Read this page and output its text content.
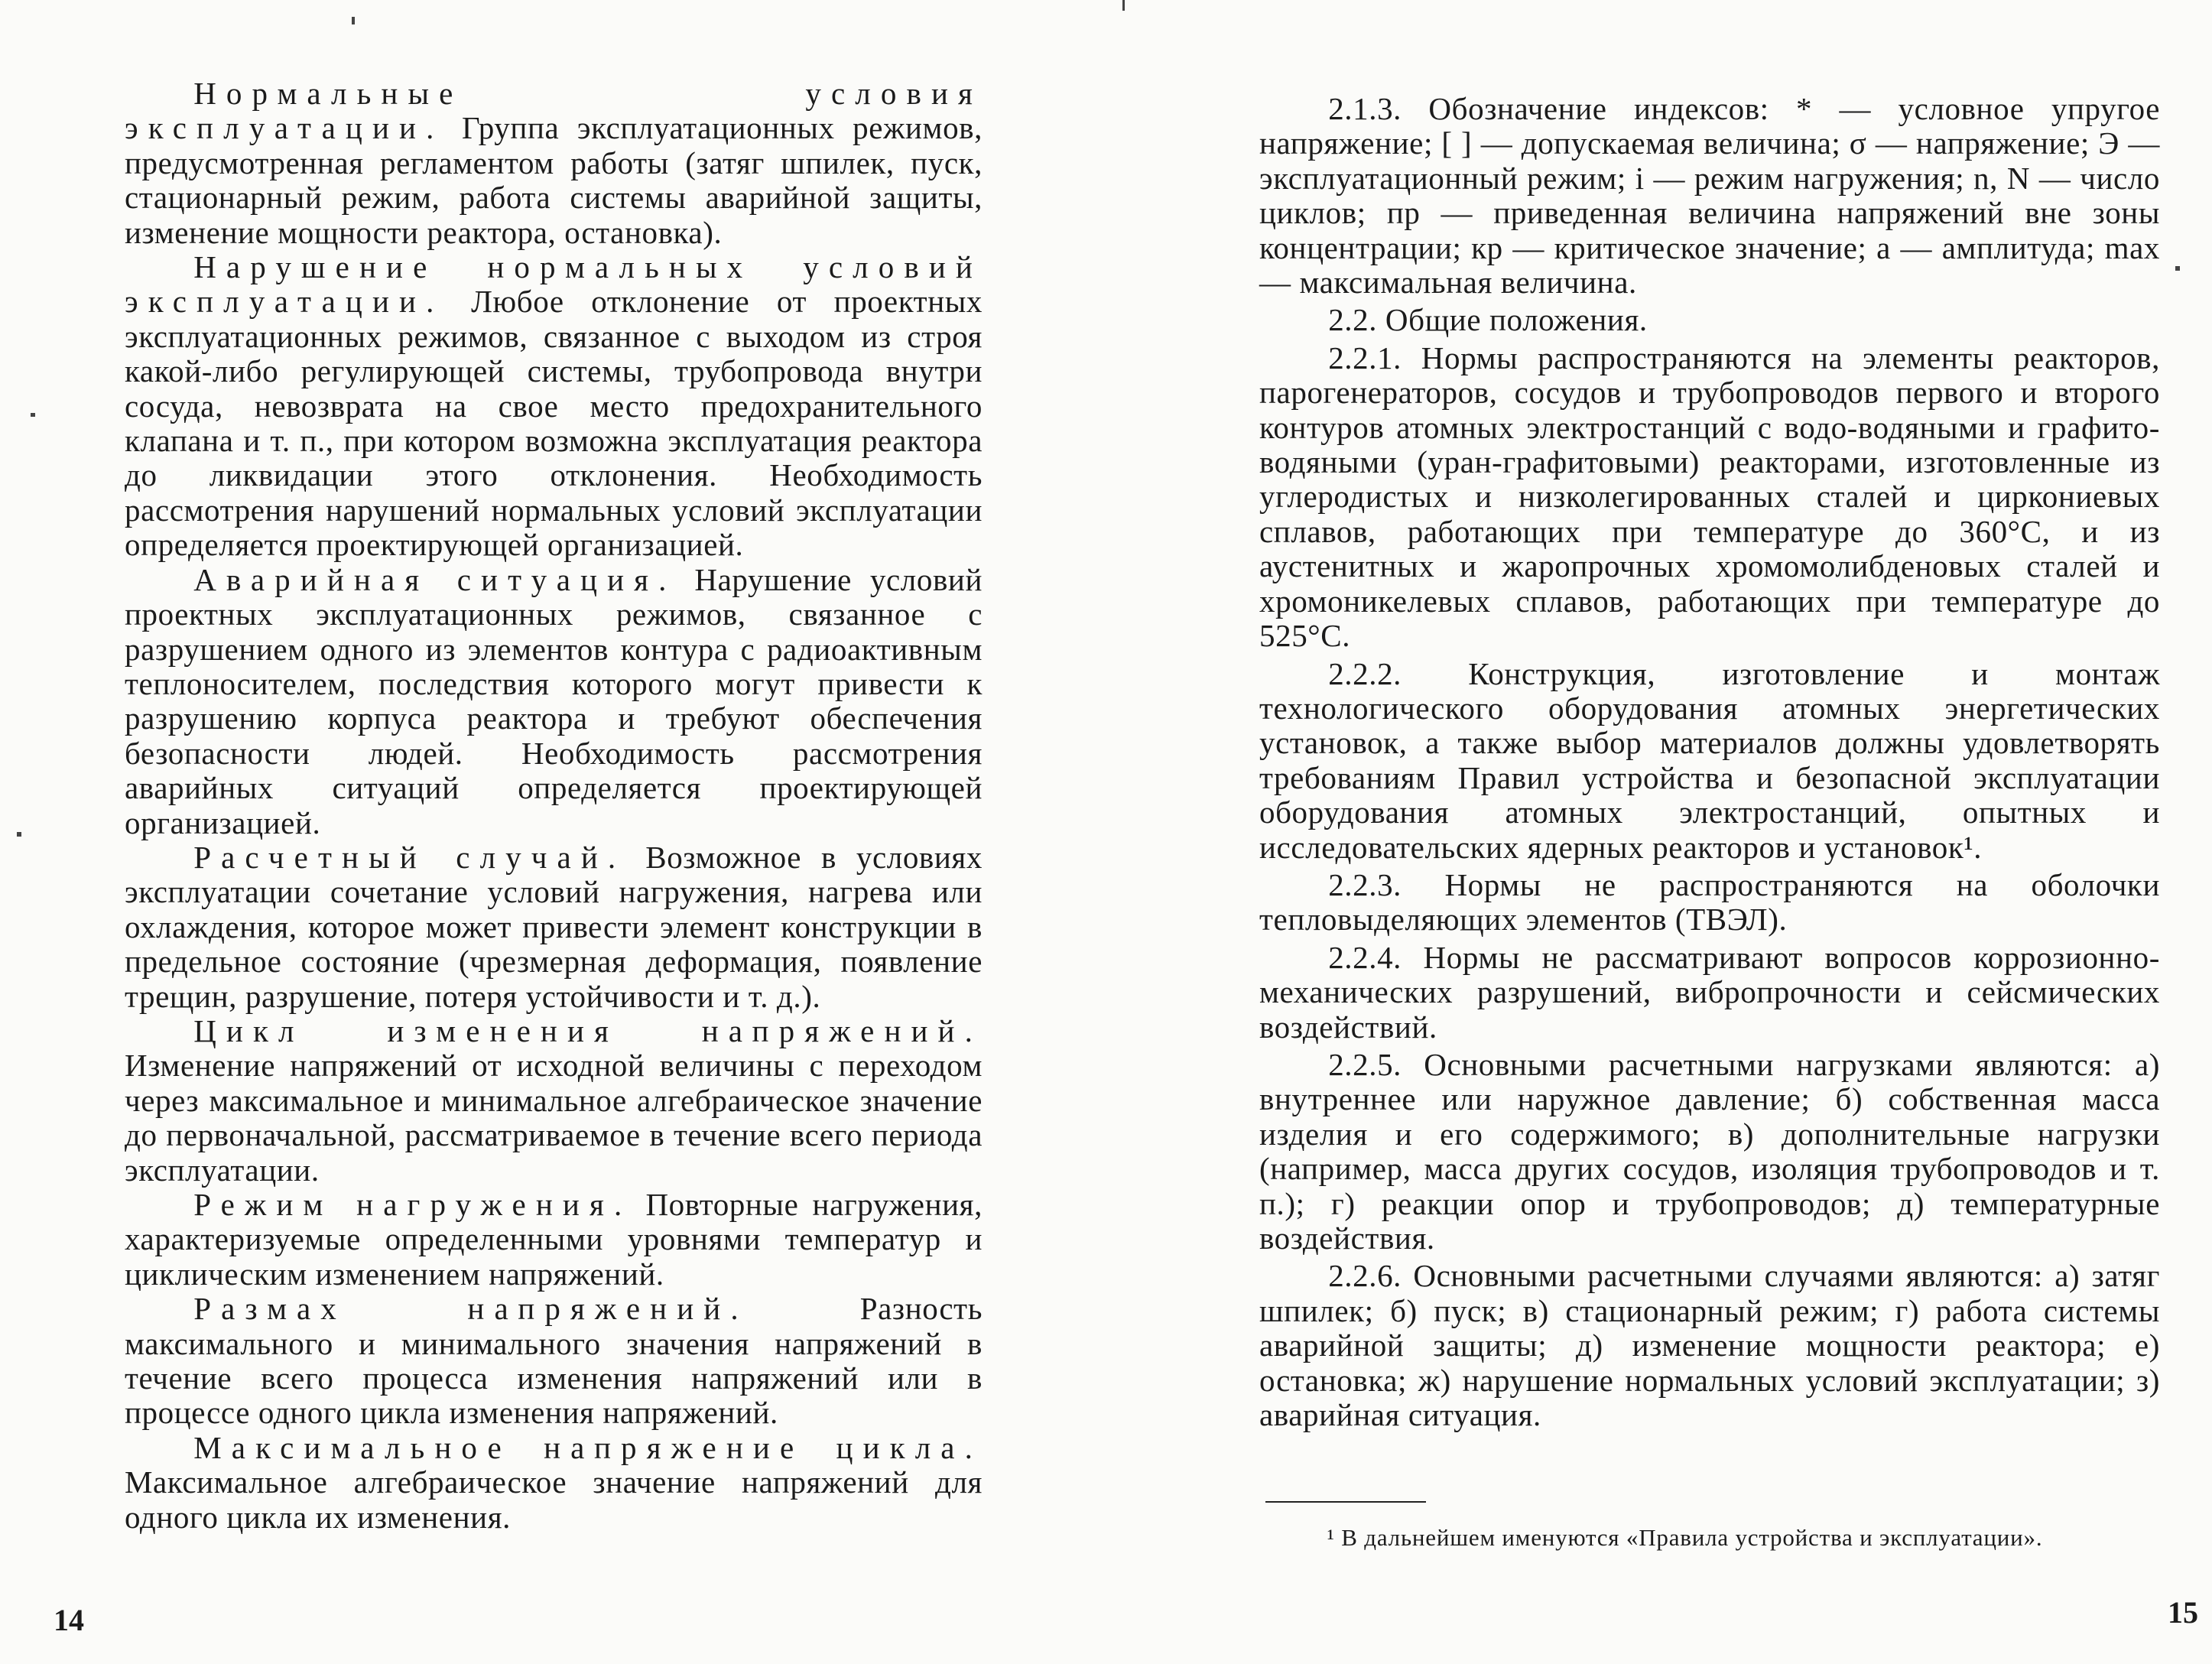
Нормальные условия эксплуатации. Группа эксплуатационных режимов, предусмотренная регламентом работы (затяг шпилек, пуск, стационарный режим, работа системы аварийной защиты, изменение мощности реактора, остановка).

Нарушение нормальных условий эксплуатации. Любое отклонение от проектных эксплуатационных режимов, связанное с выходом из строя какой-либо регулирующей системы, трубопровода внутри сосуда, невозврата на свое место предохранительного клапана и т. п., при котором возможна эксплуатация реактора до ликвидации этого отклонения. Необходимость рассмотрения нарушений нормальных условий эксплуатации определяется проектирующей организацией.

Аварийная ситуация. Нарушение условий проектных эксплуатационных режимов, связанное с разрушением одного из элементов контура с радиоактивным теплоносителем, последствия которого могут привести к разрушению корпуса реактора и требуют обеспечения безопасности людей. Необходимость рассмотрения аварийных ситуаций определяется проектирующей организацией.

Расчетный случай. Возможное в условиях эксплуатации сочетание условий нагружения, нагрева или охлаждения, которое может привести элемент конструкции в предельное состояние (чрезмерная деформация, появление трещин, разрушение, потеря устойчивости и т. д.).

Цикл изменения напряжений. Изменение напряжений от исходной величины с переходом через максимальное и минимальное алгебраическое значение до первоначальной, рассматриваемое в течение всего периода эксплуатации.

Режим нагружения. Повторные нагружения, характеризуемые определенными уровнями температур и циклическим изменением напряжений.

Размах напряжений. Разность максимального и минимального значения напряжений в течение всего процесса изменения напряжений или в процессе одного цикла изменения напряжений.

Максимальное напряжение цикла. Максимальное алгебраическое значение напряжений для одного цикла их изменения.

14

2.1.3. Обозначение индексов: * — условное упругое напряжение; [ ] — допускаемая величина; σ — напряжение; Э — эксплуатационный режим; i — режим нагружения; n, N — число циклов; пр — приведенная величина напряжений вне зоны концентрации; кр — критическое значение; а — амплитуда; max — максимальная величина.

2.2. Общие положения.

2.2.1. Нормы распространяются на элементы реакторов, парогенераторов, сосудов и трубопроводов первого и второго контуров атомных электростанций с водо-водяными и графито-водяными (уран-графитовыми) реакторами, изготовленные из углеродистых и низколегированных сталей и циркониевых сплавов, работающих при температуре до 360°C, и из аустенитных и жаропрочных хромомолибденовых сталей и хромоникелевых сплавов, работающих при температуре до 525°C.

2.2.2. Конструкция, изготовление и монтаж технологического оборудования атомных энергетических установок, а также выбор материалов должны удовлетворять требованиям Правил устройства и безопасной эксплуатации оборудования атомных электростанций, опытных и исследовательских ядерных реакторов и установок¹.

2.2.3. Нормы не распространяются на оболочки тепловыделяющих элементов (ТВЭЛ).

2.2.4. Нормы не рассматривают вопросов коррозионно-механических разрушений, вибропрочности и сейсмических воздействий.

2.2.5. Основными расчетными нагрузками являются: а) внутреннее или наружное давление; б) собственная масса изделия и его содержимого; в) дополнительные нагрузки (например, масса других сосудов, изоляция трубопроводов и т. п.); г) реакции опор и трубопроводов; д) температурные воздействия.

2.2.6. Основными расчетными случаями являются: а) затяг шпилек; б) пуск; в) стационарный режим; г) работа системы аварийной защиты; д) изменение мощности реактора; е) остановка; ж) нарушение нормальных условий эксплуатации; з) аварийная ситуация.

¹ В дальнейшем именуются «Правила устройства и эксплуатации».
15
